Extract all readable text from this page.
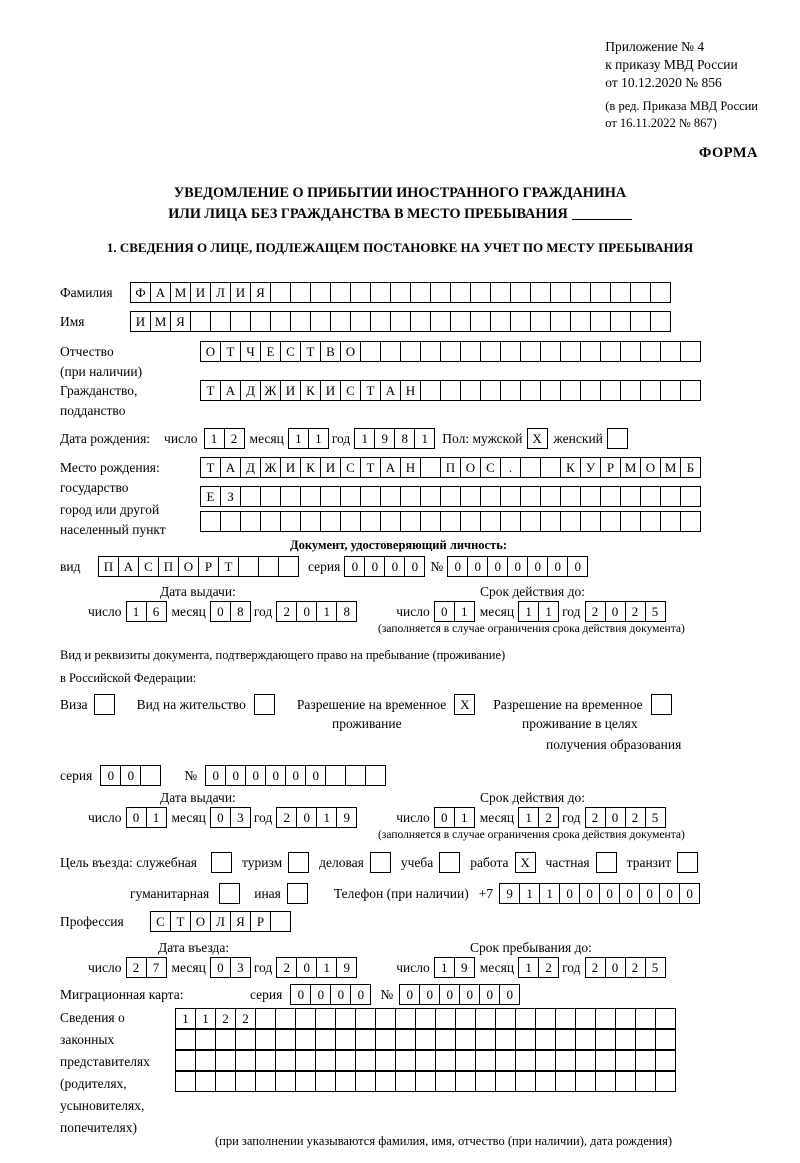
Приложение № 4
к приказу МВД России
от 10.12.2020 № 856
(в ред. Приказа МВД России
от 16.11.2022 № 867)
ФОРМА
УВЕДОМЛЕНИЕ О ПРИБЫТИИ ИНОСТРАННОГО ГРАЖДАНИНА
ИЛИ ЛИЦА БЕЗ ГРАЖДАНСТВА В МЕСТО ПРЕБЫВАНИЯ
1. СВЕДЕНИЯ О ЛИЦЕ, ПОДЛЕЖАЩЕМ ПОСТАНОВКЕ НА УЧЕТ ПО МЕСТУ ПРЕБЫВАНИЯ
Фамилия	Ф А М И Л И Я
Имя	И М Я
Отчество	О Т Ч Е С Т В О
(при наличии)
Гражданство,	Т А Д Ж И К И С Т А Н
подданство
Дата рождения: число	1	2 месяц 1	1 год 1	9	8	1	Пол: мужской X женский
Место рождения:	Т А Д Ж И К И С Т А Н	П О С	.	К У Р М О М Б
государство
Е З
город или другой
населенный пункт
Документ, удостоверяющий личность:
вид	П А С П О Р Т	серия 0	0	0	0 № 0	0	0	0	0	0	0
Дата выдачи:	Срок действия до:
число 1	6 месяц 0	8 год 2	0	1	8	число 0	1 месяц 1	1 год 2	0	2	5
(заполняется в случае ограничения срока действия документа)
Вид и реквизиты документа, подтверждающего право на пребывание (проживание)
в Российской Федерации:
Виза	Вид на жительство	Разрешение на временное	X	Разрешение на временное
проживание	проживание в целях
получения образования
серия	0	0	№	0	0	0	0	0	0
Дата выдачи:	Срок действия до:
число 0	1 месяц 0	3 год 2	0	1	9	число 0	1 месяц 1	2 год 2	0	2	5
(заполняется в случае ограничения срока действия документа)
Цель въезда: служебная	туризм	деловая	учеба	работа X	частная	транзит
гуманитарная	иная	Телефон (при наличии) +7	9	1	1	0	0	0	0	0	0	0
Профессия	С Т О Л Я Р
Дата въезда:	Срок пребывания до:
число 2	7 месяц 0	3 год 2	0	1	9	число 1	9 месяц 1	2 год 2	0	2	5
Миграционная карта:	серия	0	0	0	0	№	0	0	0	0	0	0
Сведения о
законных
представителях
(родителях,
усыновителях,
попечителях)
1	1	2	2
(при заполнении указываются фамилия, имя, отчество (при наличии), дата рождения)
